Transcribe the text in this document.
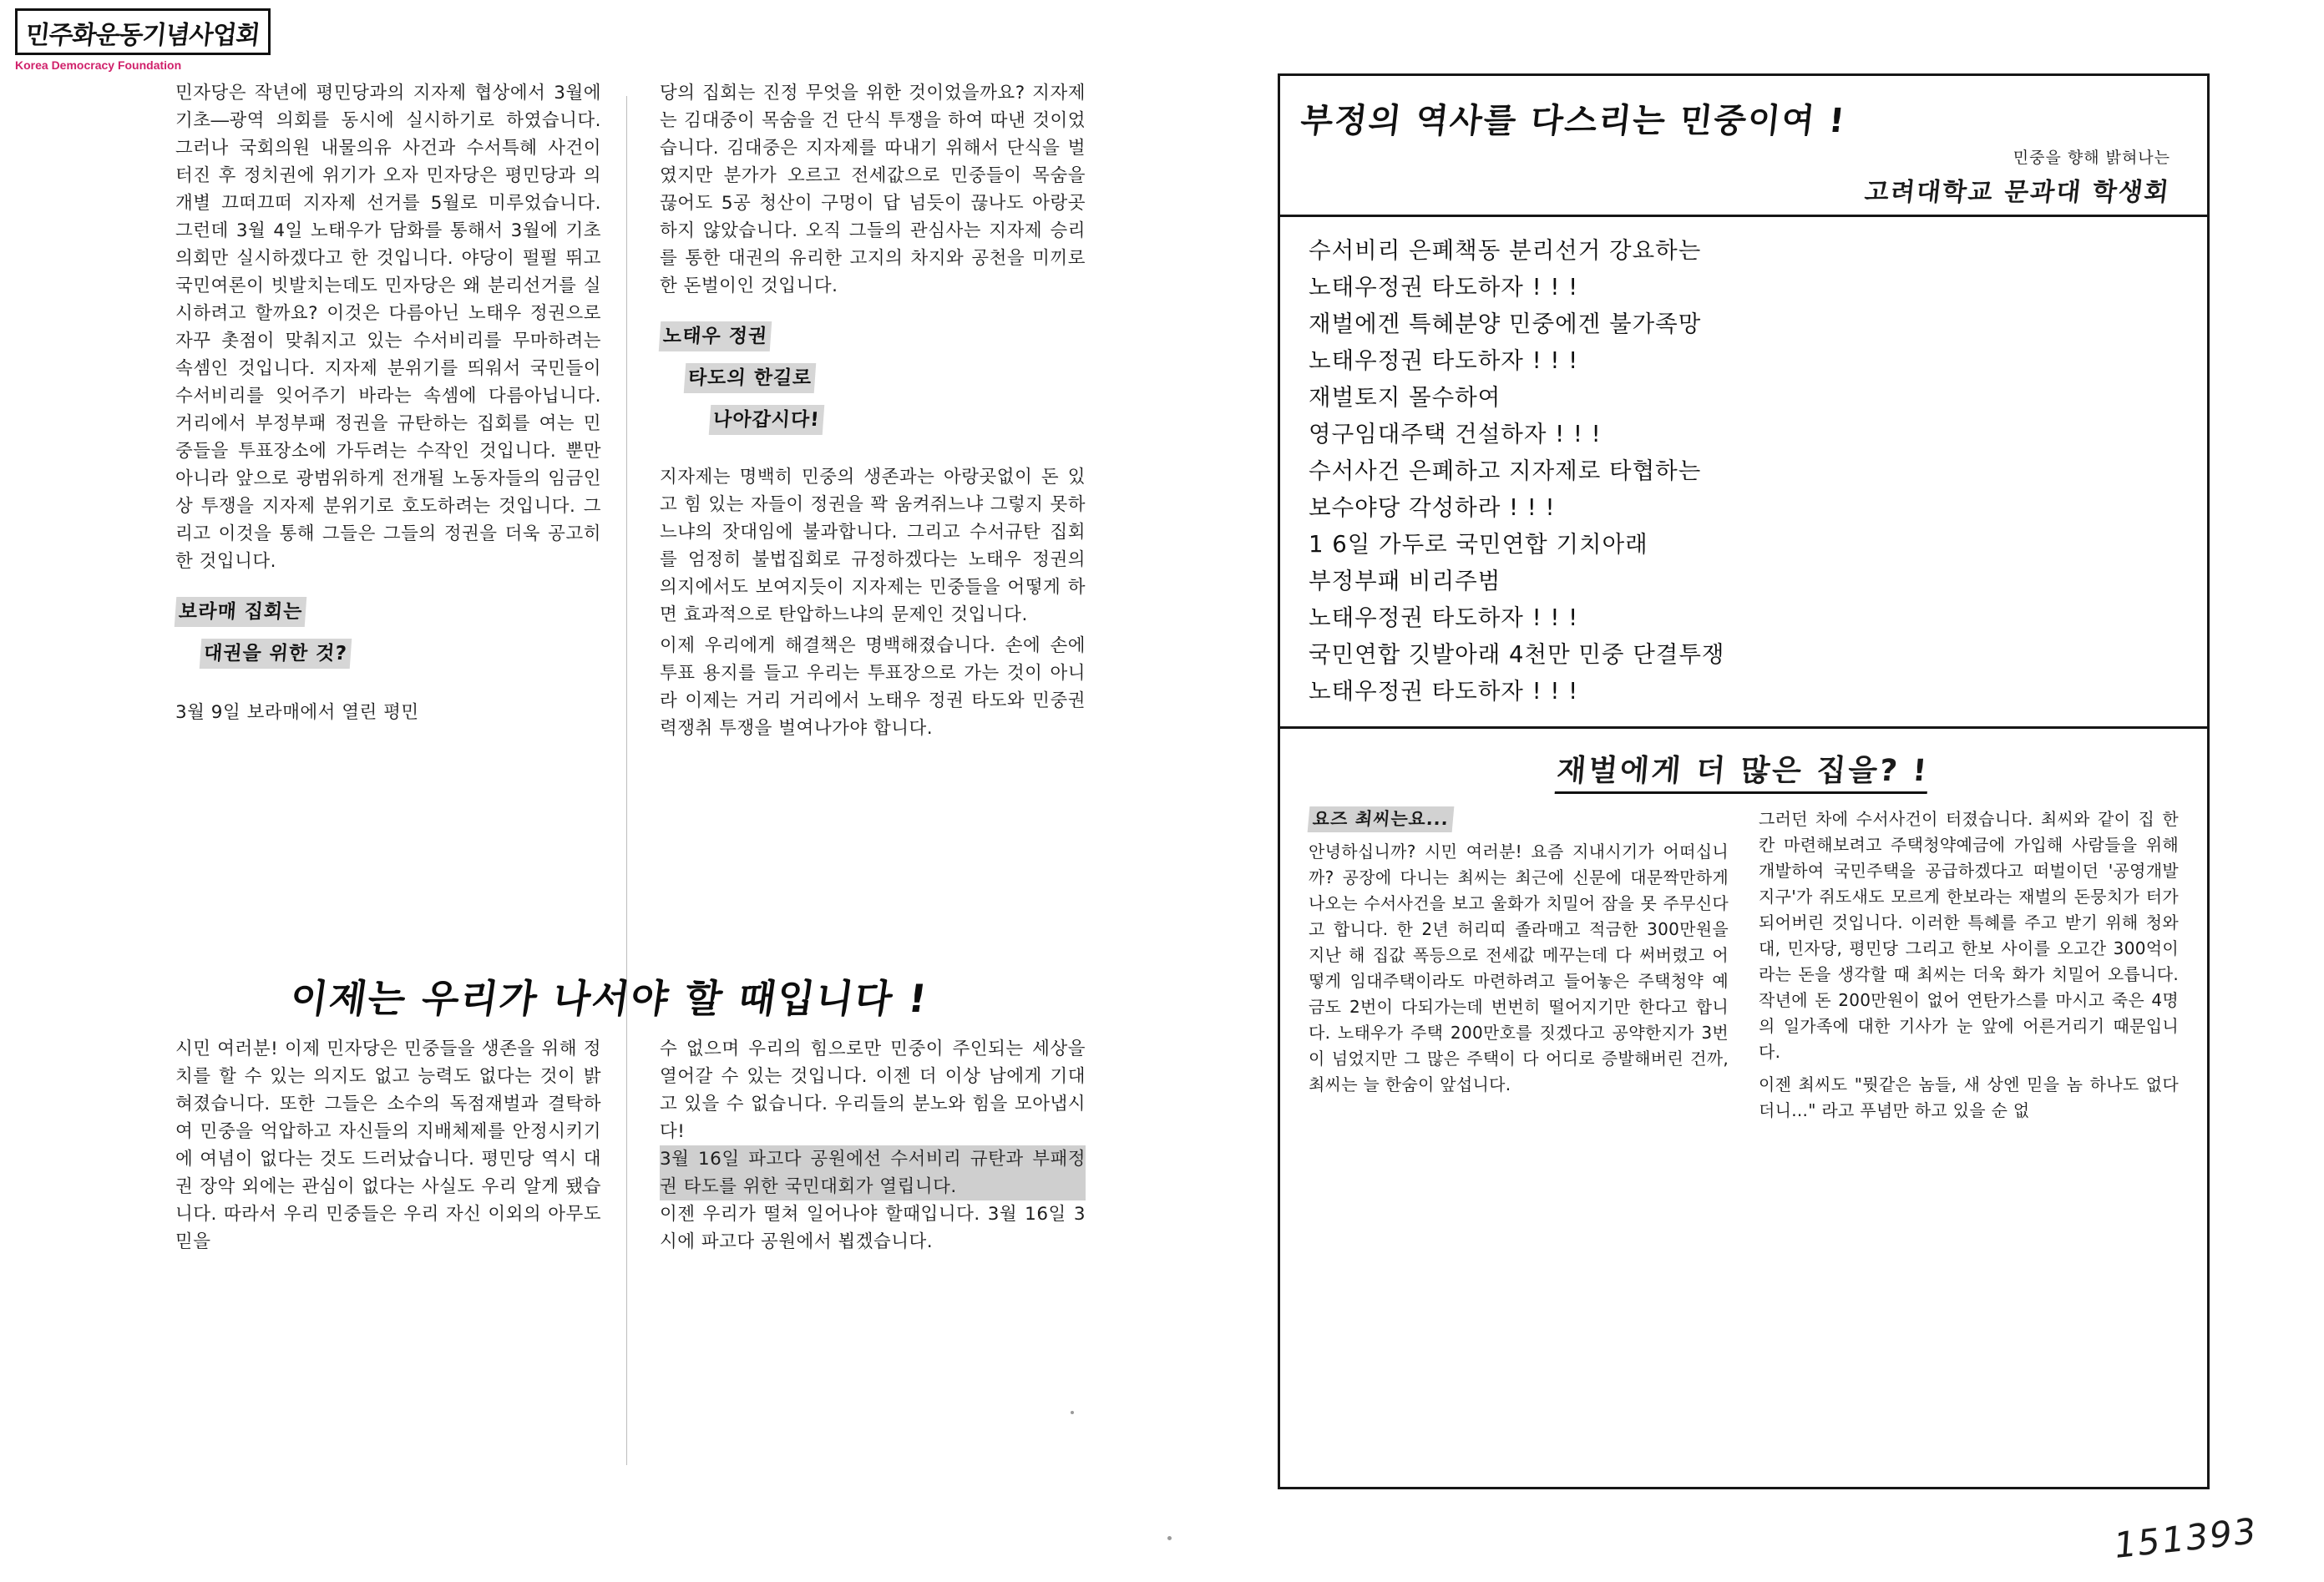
민주화운동기념사업회
Korea Democracy Foundation
민자당은 작년에 평민당과의 지자제 협상에서 3월에 기초―광역 의회를 동시에 실시하기로 하였습니다. 그러나 국회의원 내물의유 사건과 수서특혜 사건이 터진 후 정치권에 위기가 오자 민자당은 평민당과 의 개별 끄떠끄떠 지자제 선거를 5월로 미루었습니다. 그런데 3월 4일 노태우가 담화를 통해서 3월에 기초의회만 실시하겠다고 한 것입니다. 야당이 펄펄 뛰고 국민여론이 빗발치는데도 민자당은 왜 분리선거를 실시하려고 할까요? 이것은 다름아닌 노태우 정권으로 자꾸 촛점이 맞춰지고 있는 수서비리를 무마하려는 속셈인 것입니다. 지자제 분위기를 띄워서 국민들이 수서비리를 잊어주기 바라는 속셈에 다름아닙니다. 거리에서 부정부패 정권을 규탄하는 집회를 여는 민중들을 투표장소에 가두려는 수작인 것입니다. 뿐만 아니라 앞으로 광범위하게 전개될 노동자들의 임금인상 투쟁을 지자제 분위기로 호도하려는 것입니다. 그리고 이것을 통해 그들은 그들의 정권을 더욱 공고히 한 것입니다.
보라매 집회는
대권을 위한 것?
3월 9일 보라매에서 열린 평민
당의 집회는 진정 무엇을 위한 것이었을까요? 지자제는 김대중이 목숨을 건 단식 투쟁을 하여 따낸 것이었습니다. 김대중은 지자제를 따내기 위해서 단식을 벌였지만 분가가 오르고 전세값으로 민중들이 목숨을 끊어도 5공 청산이 구멍이 답 넘듯이 끊나도 아랑곳하지 않았습니다. 오직 그들의 관심사는 지자제 승리를 통한 대권의 유리한 고지의 차지와 공천을 미끼로 한 돈벌이인 것입니다.
노태우 정권
타도의 한길로
나아갑시다!
지자제는 명백히 민중의 생존과는 아랑곳없이 돈 있고 힘 있는 자들이 정권을 꽉 움켜쥐느냐 그렇지 못하느냐의 잣대임에 불과합니다. 그리고 수서규탄 집회를 엄정히 불법집회로 규정하겠다는 노태우 정권의 의지에서도 보여지듯이 지자제는 민중들을 어떻게 하면 효과적으로 탄압하느냐의 문제인 것입니다.
이제 우리에게 해결책은 명백해졌습니다. 손에 손에 투표 용지를 들고 우리는 투표장으로 가는 것이 아니라 이제는 거리 거리에서 노태우 정권 타도와 민중권력쟁취 투쟁을 벌여나가야 합니다.
이제는 우리가 나서야 할 때입니다 !
시민 여러분! 이제 민자당은 민중들을 생존을 위해 정치를 할 수 있는 의지도 없고 능력도 없다는 것이 밝혀졌습니다. 또한 그들은 소수의 독점재벌과 결탁하여 민중을 억압하고 자신들의 지배체제를 안정시키기에 여념이 없다는 것도 드러났습니다. 평민당 역시 대권 장악 외에는 관심이 없다는 사실도 우리 알게 됐습니다. 따라서 우리 민중들은 우리 자신 이외의 아무도 믿을
수 없으며 우리의 힘으로만 민중이 주인되는 세상을 열어갈 수 있는 것입니다. 이젠 더 이상 남에게 기대고 있을 수 없습니다. 우리들의 분노와 힘을 모아냅시다!
3월 16일 파고다 공원에선 수서비리 규탄과 부패정권 타도를 위한 국민대회가 열립니다.
이젠 우리가 떨쳐 일어나야 할때입니다. 3월 16일 3시에 파고다 공원에서 뵙겠습니다.
부정의 역사를 다스리는 민중이여 !
민중을 향해 밝혀나는
고려대학교 문과대 학생회
수서비리 은폐책동 분리선거 강요하는
노태우정권 타도하자 ! ! !
재벌에겐 특혜분양 민중에겐 불가족망
노태우정권 타도하자 ! ! !
재벌토지 몰수하여
영구임대주택 건설하자 ! ! !
수서사건 은폐하고 지자제로 타협하는
보수야당 각성하라 ! ! !
1 6일 가두로 국민연합 기치아래
부정부패 비리주범
노태우정권 타도하자 ! ! !
국민연합 깃발아래 4천만 민중 단결투쟁
노태우정권 타도하자 ! ! !
재벌에게 더 많은 집을? !
요즈 최씨는요...
안녕하십니까? 시민 여러분! 요즘 지내시기가 어떠십니까? 공장에 다니는 최씨는 최근에 신문에 대문짝만하게 나오는 수서사건을 보고 울화가 치밀어 잠을 못 주무신다고 합니다. 한 2년 허리띠 졸라매고 적금한 300만원을 지난 해 집값 폭등으로 전세값 메꾸는데 다 써버렸고 어떻게 임대주택이라도 마련하려고 들어놓은 주택청약 예금도 2번이 다되가는데 번번히 떨어지기만 한다고 합니다. 노태우가 주택 200만호를 짓겠다고 공약한지가 3번이 넘었지만 그 많은 주택이 다 어디로 증발해버린 건까, 최씨는 늘 한숨이 앞섭니다.
그러던 차에 수서사건이 터졌습니다. 최씨와 같이 집 한칸 마련해보려고 주택청약예금에 가입해 사람들을 위해 개발하여 국민주택을 공급하겠다고 떠벌이던 '공영개발지구'가 쥐도새도 모르게 한보라는 재벌의 돈뭉치가 터가 되어버린 것입니다. 이러한 특혜를 주고 받기 위해 청와대, 민자당, 평민당 그리고 한보 사이를 오고간 300억이라는 돈을 생각할 때 최씨는 더욱 화가 치밀어 오릅니다. 작년에 돈 200만원이 없어 연탄가스를 마시고 죽은 4명의 일가족에 대한 기사가 눈 앞에 어른거리기 때문입니다.
이젠 최씨도 "뭣같은 놈들, 새 상엔 믿을 놈 하나도 없다더니..." 라고 푸념만 하고 있을 순 없
151393
